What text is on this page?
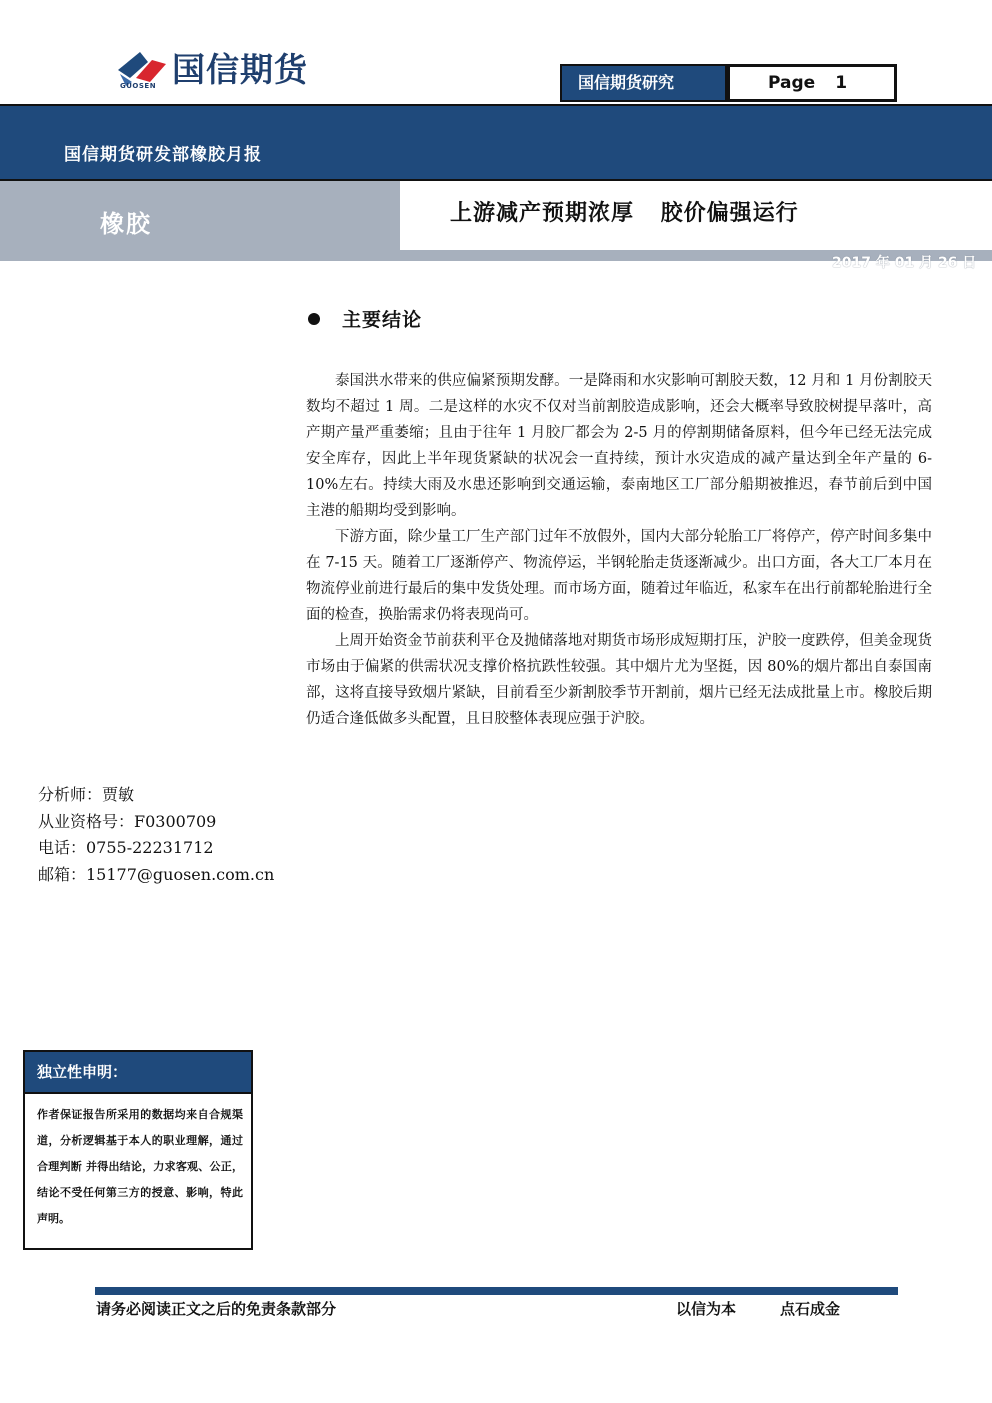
国信期货
GUOSEN	国信期货研究	Page 1
国信期货研发部橡胶月报
橡胶	上游减产预期浓厚 胶价偏强运行
2017 年 01 月 26 日
主要结论

泰国洪水带来的供应偏紧预期发酵。一是降雨和水灾影响可割胶天数，12 月和 1 月份割胶天数均不超过 1 周。二是这样的水灾不仅对当前割胶造成影响，还会大概率导致胶树提早落叶，高产期产量严重萎缩；且由于往年 1 月胶厂都会为 2-5 月的停割期储备原料，但今年已经无法完成安全库存，因此上半年现货紧缺的状况会一直持续，预计水灾造成的减产量达到全年产量的 6-10%左右。持续大雨及水患还影响到交通运输，泰南地区工厂部分船期被推迟，春节前后到中国主港的船期均受到影响。

下游方面，除少量工厂生产部门过年不放假外，国内大部分轮胎工厂将停产，停产时间多集中在 7-15 天。随着工厂逐渐停产、物流停运，半钢轮胎走货逐渐减少。出口方面，各大工厂本月在物流停业前进行最后的集中发货处理。而市场方面，随着过年临近，私家车在出行前都轮胎进行全面的检查，换胎需求仍将表现尚可。

上周开始资金节前获利平仓及抛储落地对期货市场形成短期打压，沪胶一度跌停，但美金现货市场由于偏紧的供需状况支撑价格抗跌性较强。其中烟片尤为坚挺，因 80%的烟片都出自泰国南部，这将直接导致烟片紧缺，目前看至少新割胶季节开割前，烟片已经无法成批量上市。橡胶后期仍适合逢低做多头配置，且日胶整体表现应强于沪胶。

分析师：贾敏
从业资格号：F0300709
电话：0755-22231712
邮箱：15177@guosen.com.cn
独立性申明：
作者保证报告所采用的数据均来自合规渠道，分析逻辑基于本人的职业理解，通过合理判断 并得出结论，力求客观、公正，结论不受任何第三方的授意、影响，特此声明。
请务必阅读正文之后的免责条款部分	以信为本	点石成金
